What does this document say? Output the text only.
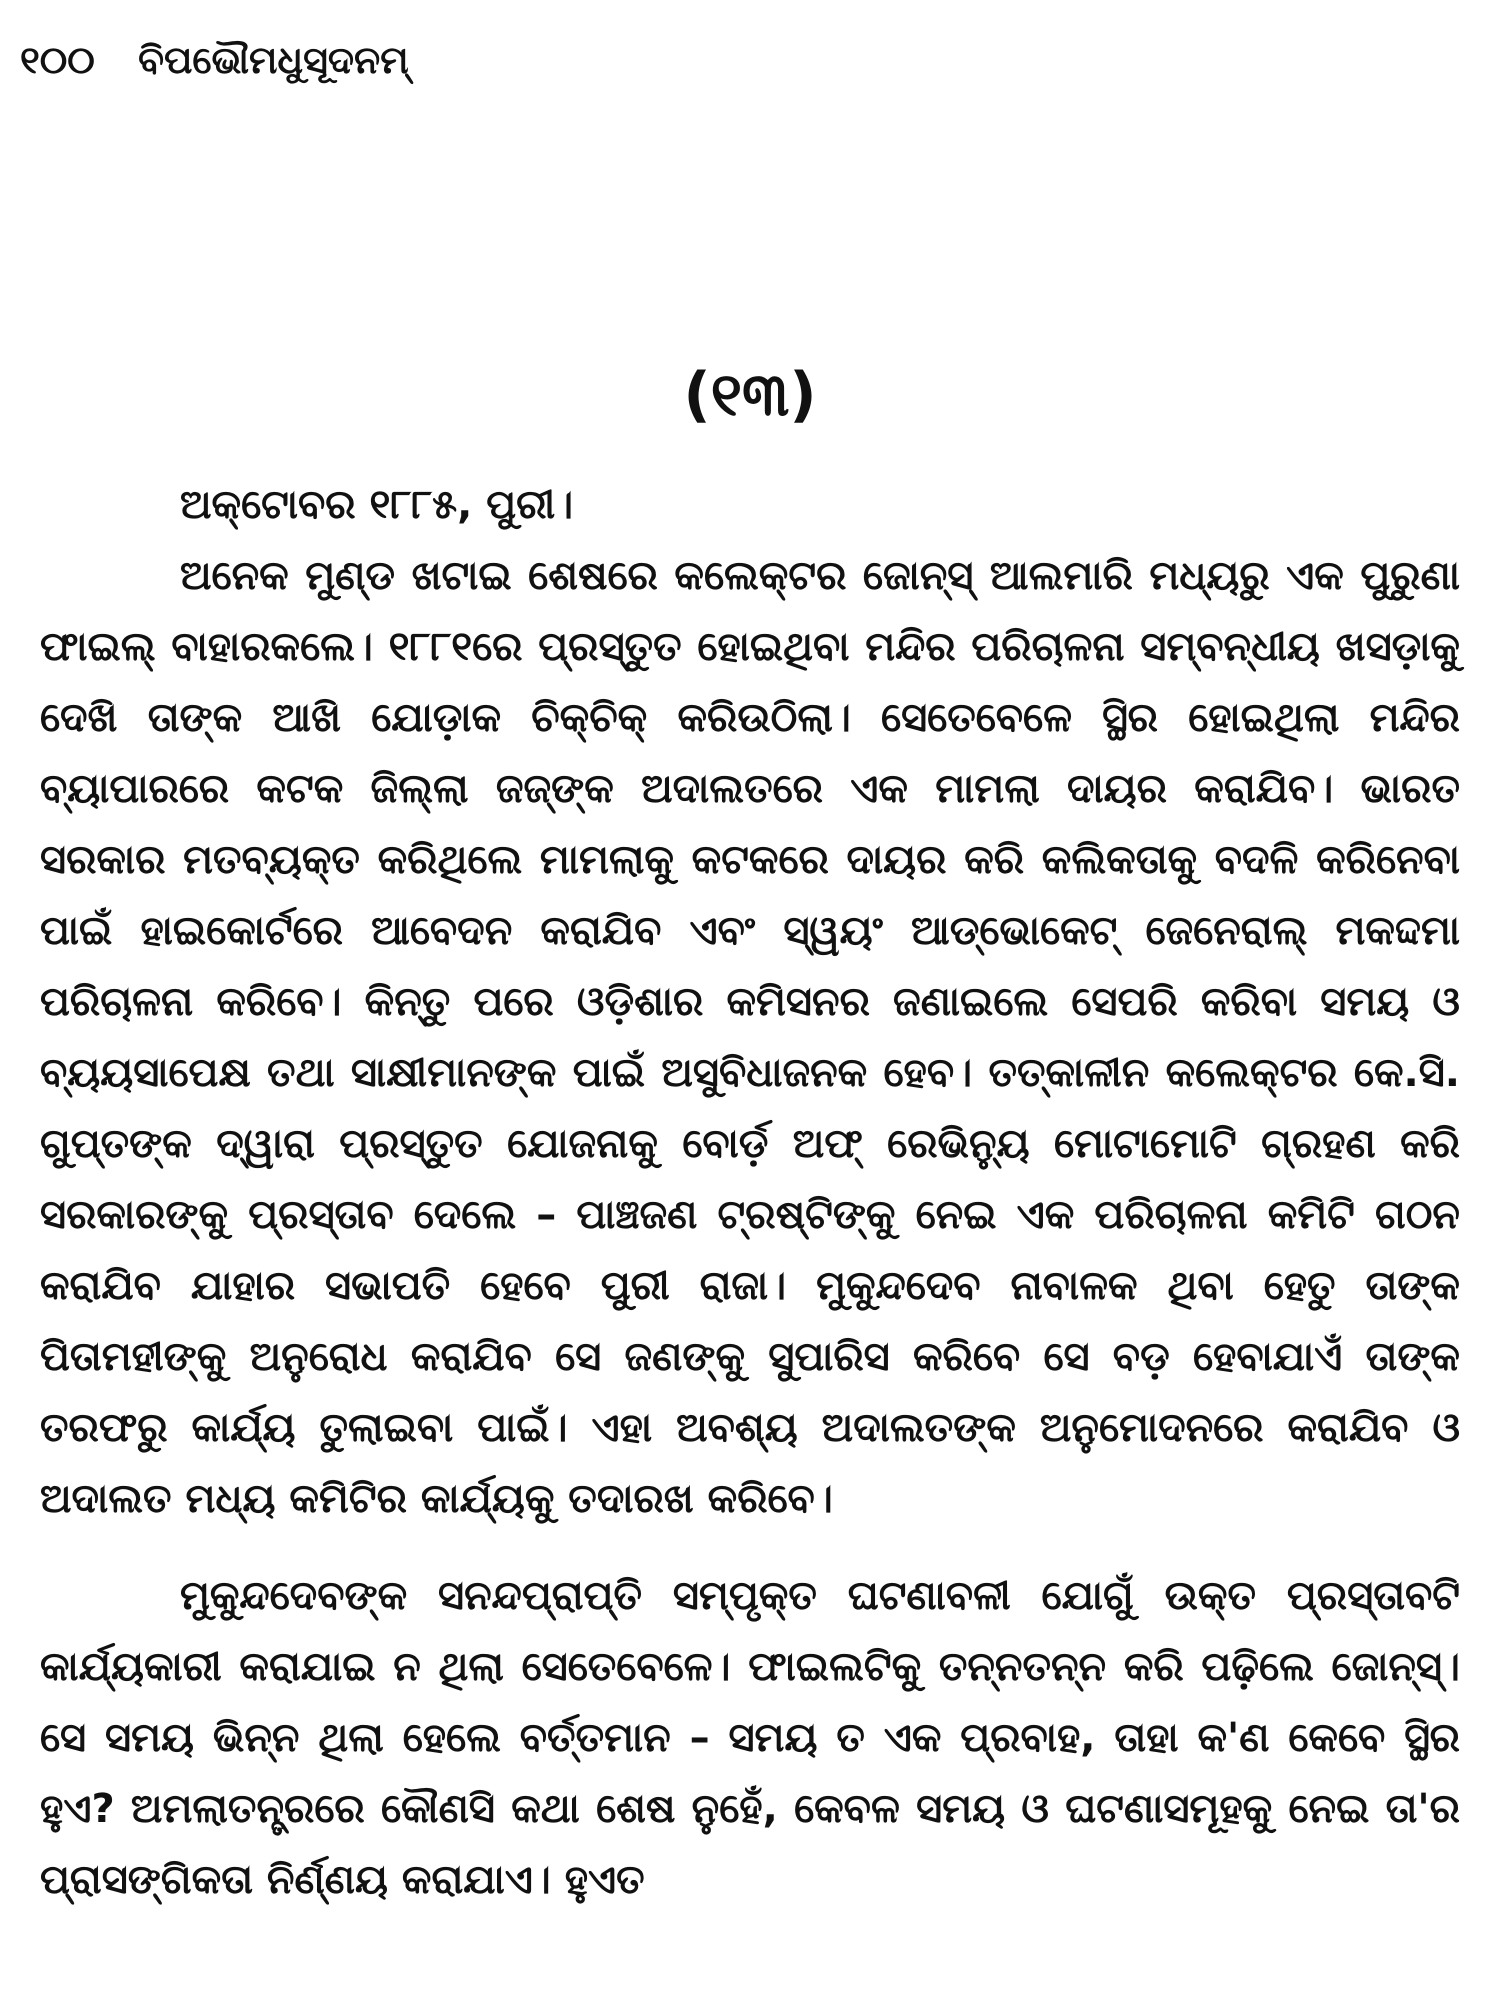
୧୦୦ ବିପଭୌମଧୁସୂଦନମ୍
(୧୩)

ଅକ୍ଟୋବର ୧୮୮୫, ପୁରୀ।

ଅନେକ ମୁଣ୍ଡ ଖଟାଇ ଶେଷରେ କଲେକ୍ଟର ଜୋନ୍‌ସ୍ ଆଲମାରି ମଧ୍ୟରୁ ଏକ ପୁରୁଣା ଫାଇଲ୍ ବାହାରକଲେ। ୧୮୮୧ରେ ପ୍ରସ୍ତୁତ ହୋଇଥିବା ମନ୍ଦିର ପରିଚାଳନା ସମ୍ବନ୍ଧୀୟ ଖସଡ଼ାକୁ ଦେଖି ତାଙ୍କ ଆଖି ଯୋଡ଼ାକ ଚିକ୍‌ଚିକ୍ କରିଉଠିଲା। ସେତେବେଳେ ସ୍ଥିର ହୋଇଥିଲା ମନ୍ଦିର ବ୍ୟାପାରରେ କଟକ ଜିଲ୍ଲା ଜଜ୍‌ଙ୍କ ଅଦାଲତରେ ଏକ ମାମଲା ଦାୟର କରାଯିବ। ଭାରତ ସରକାର ମତବ୍ୟକ୍ତ କରିଥିଲେ ମାମଲାକୁ କଟକରେ ଦାୟର କରି କଲିକତାକୁ ବଦଳି କରିନେବା ପାଇଁ ହାଇକୋର୍ଟରେ ଆବେଦନ କରାଯିବ ଏବଂ ସ୍ୱୟଂ ଆଡ୍‌ଭୋକେଟ୍ ଜେନେରାଲ୍ ମକଦ୍ଦମା ପରିଚାଳନା କରିବେ। କିନ୍ତୁ ପରେ ଓଡ଼ିଶାର କମିସନର ଜଣାଇଲେ ସେପରି କରିବା ସମୟ ଓ ବ୍ୟୟସାପେକ୍ଷ ତଥା ସାକ୍ଷୀମାନଙ୍କ ପାଇଁ ଅସୁବିଧାଜନକ ହେବ। ତତ୍କାଳୀନ କଲେକ୍ଟର କେ.ସି. ଗୁପ୍ତଙ୍କ ଦ୍ୱାରା ପ୍ରସ୍ତୁତ ଯୋଜନାକୁ ବୋର୍ଡ଼ ଅଫ୍ ରେଭିନ୍ୟୁ ମୋଟାମୋଟି ଗ୍ରହଣ କରି ସରକାରଙ୍କୁ ପ୍ରସ୍ତାବ ଦେଲେ – ପାଞ୍ଚଜଣ ଟ୍ରଷ୍ଟିଙ୍କୁ ନେଇ ଏକ ପରିଚାଳନା କମିଟି ଗଠନ କରାଯିବ ଯାହାର ସଭାପତି ହେବେ ପୁରୀ ରାଜା। ମୁକୁନ୍ଦଦେବ ନାବାଳକ ଥିବା ହେତୁ ତାଙ୍କ ପିତାମହୀଙ୍କୁ ଅନୁରୋଧ କରାଯିବ ସେ ଜଣଙ୍କୁ ସୁପାରିସ କରିବେ ସେ ବଡ଼ ହେବାଯାଏଁ ତାଙ୍କ ତରଫରୁ କାର୍ଯ୍ୟ ତୁଲାଇବା ପାଇଁ। ଏହା ଅବଶ୍ୟ ଅଦାଲତଙ୍କ ଅନୁମୋଦନରେ କରାଯିବ ଓ ଅଦାଲତ ମଧ୍ୟ କମିଟିର କାର୍ଯ୍ୟକୁ ତଦାରଖ କରିବେ।

ମୁକୁନ୍ଦଦେବଙ୍କ ସନନ୍ଦପ୍ରାପ୍ତି ସମ୍ପୃକ୍ତ ଘଟଣାବଳୀ ଯୋଗୁଁ ଉକ୍ତ ପ୍ରସ୍ତାବଟି କାର୍ଯ୍ୟକାରୀ କରାଯାଇ ନ ଥିଲା ସେତେବେଳେ। ଫାଇଲଟିକୁ ତନ୍ନତନ୍ନ କରି ପଢ଼ିଲେ ଜୋନ୍‌ସ୍। ସେ ସମୟ ଭିନ୍ନ ଥିଲା ହେଲେ ବର୍ତ୍ତମାନ – ସମୟ ତ ଏକ ପ୍ରବାହ, ତାହା କ'ଣ କେବେ ସ୍ଥିର ହୁଏ? ଅମଲାତନ୍ତ୍ରରେ କୌଣସି କଥା ଶେଷ ନୁହେଁ, କେବଳ ସମୟ ଓ ଘଟଣାସମୂହକୁ ନେଇ ତା'ର ପ୍ରାସଙ୍ଗିକତା ନିର୍ଣ୍ଣୟ କରାଯାଏ। ହୁଏତ
